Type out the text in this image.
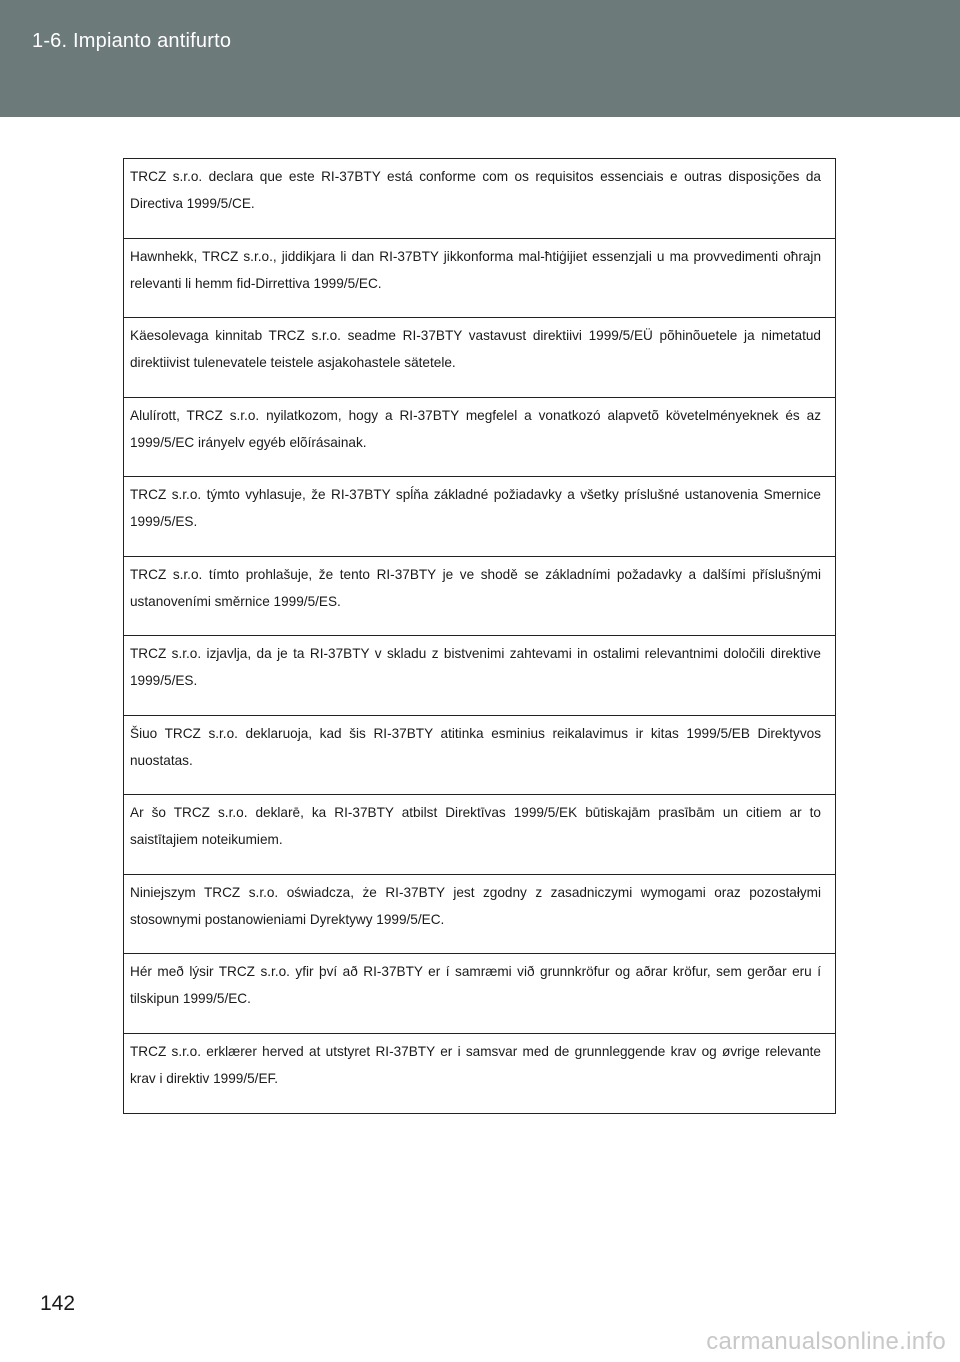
1-6. Impianto antifurto
TRCZ s.r.o. declara que este RI-37BTY está conforme com os requisitos essenciais e outras disposições da Directiva 1999/5/CE.
Hawnhekk, TRCZ s.r.o., jiddikjara li dan RI-37BTY jikkonforma mal-ħtiġijiet essenzjali u ma provvedimenti oħrajn relevanti li hemm fid-Dirrettiva 1999/5/EC.
Käesolevaga kinnitab TRCZ s.r.o. seadme RI-37BTY vastavust direktiivi 1999/5/EÜ põhinõuetele ja nimetatud direktiivist tulenevatele teistele asjakohastele sätetele.
Alulírott, TRCZ s.r.o. nyilatkozom, hogy a RI-37BTY megfelel a vonatkozó alapvetõ követelményeknek és az 1999/5/EC irányelv egyéb elõírásainak.
TRCZ s.r.o. týmto vyhlasuje, že RI-37BTY spĺňa základné požiadavky a všetky príslušné ustanovenia Smernice 1999/5/ES.
TRCZ s.r.o. tímto prohlašuje, že tento RI-37BTY je ve shodě se základními požadavky a dalšími příslušnými ustanoveními směrnice 1999/5/ES.
TRCZ s.r.o. izjavlja, da je ta RI-37BTY v skladu z bistvenimi zahtevami in ostalimi relevantnimi določili direktive 1999/5/ES.
Šiuo TRCZ s.r.o. deklaruoja, kad šis RI-37BTY atitinka esminius reikalavimus ir kitas 1999/5/EB Direktyvos nuostatas.
Ar šo TRCZ s.r.o. deklarē, ka RI-37BTY atbilst Direktīvas 1999/5/EK būtiskajām prasībām un citiem ar to saistītajiem noteikumiem.
Niniejszym TRCZ s.r.o. oświadcza, że RI-37BTY jest zgodny z zasadniczymi wymogami oraz pozostałymi stosownymi postanowieniami Dyrektywy 1999/5/EC.
Hér með lýsir TRCZ s.r.o. yfir því að RI-37BTY er í samræmi við grunnkröfur og aðrar kröfur, sem gerðar eru í tilskipun 1999/5/EC.
TRCZ s.r.o. erklærer herved at utstyret RI-37BTY er i samsvar med de grunnleggende krav og øvrige relevante krav i direktiv 1999/5/EF.
142
carmanualsonline.info
